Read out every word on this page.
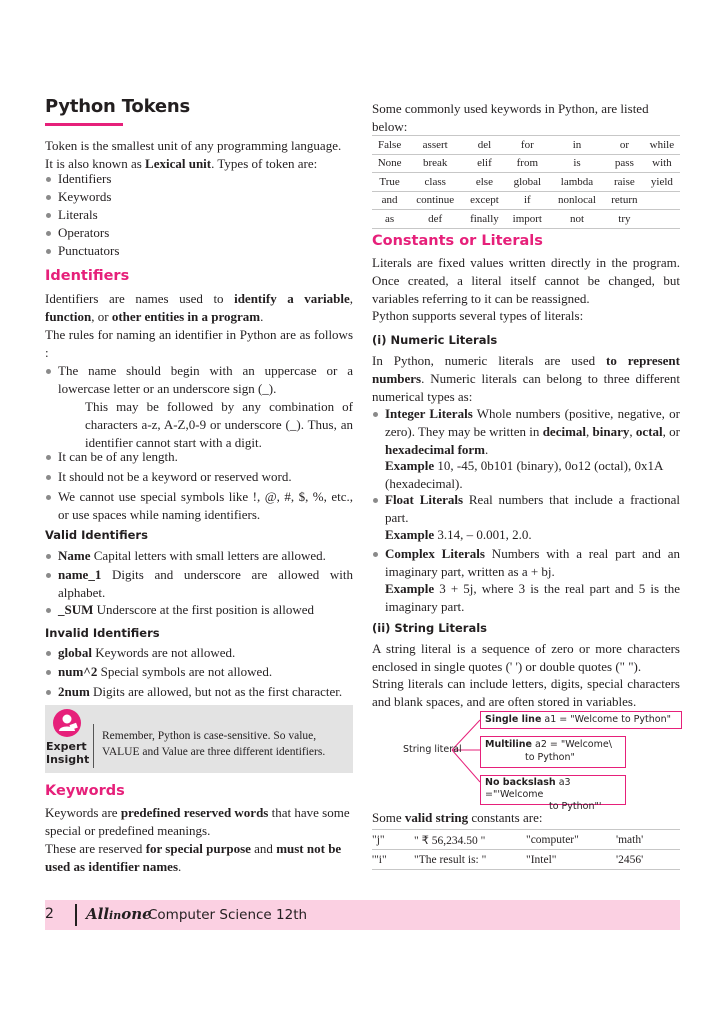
Python Tokens
Token is the smallest unit of any programming language.
It is also known as Lexical unit. Types of token are:
Identifiers
Keywords
Literals
Operators
Punctuators
Identifiers
Identifiers are names used to identify a variable, function, or other entities in a program.
The rules for naming an identifier in Python are as follows :
The name should begin with an uppercase or a lowercase letter or an underscore sign (_).
This may be followed by any combination of characters a-z, A-Z,0-9 or underscore (_). Thus, an identifier cannot start with a digit.
It can be of any length.
It should not be a keyword or reserved word.
We cannot use special symbols like !, @, #, $, %, etc., or use spaces while naming identifiers.
Valid Identifiers
Name Capital letters with small letters are allowed.
name_1 Digits and underscore are allowed with alphabet.
_SUM Underscore at the first position is allowed
Invalid Identifiers
global Keywords are not allowed.
num^2 Special symbols are not allowed.
2num Digits are allowed, but not as the first character.
Expert
Insight
Remember, Python is case-sensitive. So value, VALUE and Value are three different identifiers.
Keywords
Keywords are predefined reserved words that have some special or predefined meanings.
These are reserved for special purpose and must not be used as identifier names.
Some commonly used keywords in Python, are listed below:
False	assert	del	for	in	or	while
None	break	elif	from	is	pass	with
True	class	else	global	lambda	raise	yield
and	continue	except	if	nonlocal	return	
as	def	finally	import	not	try	
Constants or Literals
Literals are fixed values written directly in the program. Once created, a literal itself cannot be changed, but variables referring to it can be reassigned.
Python supports several types of literals:
(i) Numeric Literals
In Python, numeric literals are used to represent numbers. Numeric literals can belong to three different numerical types as:
Integer Literals Whole numbers (positive, negative, or zero). They may be written in decimal, binary, octal, or hexadecimal form.
Example 10, -45, 0b101 (binary), 0o12 (octal), 0x1A (hexadecimal).
Float Literals Real numbers that include a fractional part.
Example 3.14, – 0.001, 2.0.
Complex Literals Numbers with a real part and an imaginary part, written as a + bj.
Example 3 + 5j, where 3 is the real part and 5 is the imaginary part.
(ii) String Literals
A string literal is a sequence of zero or more characters enclosed in single quotes (' ') or double quotes (" ").
String literals can include letters, digits, special characters and blank spaces, and are often stored in variables.
String literal
Single line a1 = "Welcome to Python"
Multiline a2 = "Welcome\
to Python"
No backslash a3 ="'Welcome
to Python"'
Some valid string constants are:
"j"	" ₹ 56,234.50 "	"computer"	'math'
'"i"	"The result is: "	"Intel"	'2456'
2 Allinone
Computer Science 12th
